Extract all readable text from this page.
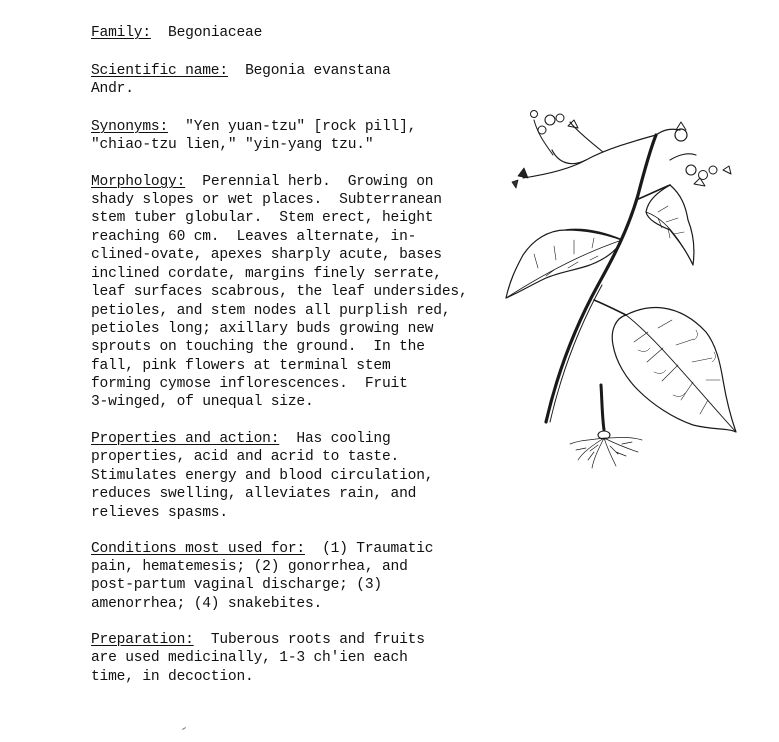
Family: Begoniaceae
Scientific name: Begonia evanstana
Andr.
Synonyms: "Yen yuan-tzu" [rock pill],
"chiao-tzu lien," "yin-yang tzu."
Morphology: Perennial herb.  Growing on
shady slopes or wet places.  Subterranean
stem tuber globular.  Stem erect, height
reaching 60 cm.  Leaves alternate, in-
clined-ovate, apexes sharply acute, bases
inclined cordate, margins finely serrate,
leaf surfaces scabrous, the leaf undersides,
petioles, and stem nodes all purplish red,
petioles long; axillary buds growing new
sprouts on touching the ground.  In the
fall, pink flowers at terminal stem
forming cymose inflorescences.  Fruit
3-winged, of unequal size.
Properties and action: Has cooling
properties, acid and acrid to taste.
Stimulates energy and blood circulation,
reduces swelling, alleviates rain, and
relieves spasms.
Conditions most used for: (1) Traumatic
pain, hematemesis; (2) gonorrhea, and
post-partum vaginal discharge; (3)
amenorrhea; (4) snakebites.
Preparation: Tuberous roots and fruits
are used medicinally, 1-3 ch'ien each
time, in decoction.
